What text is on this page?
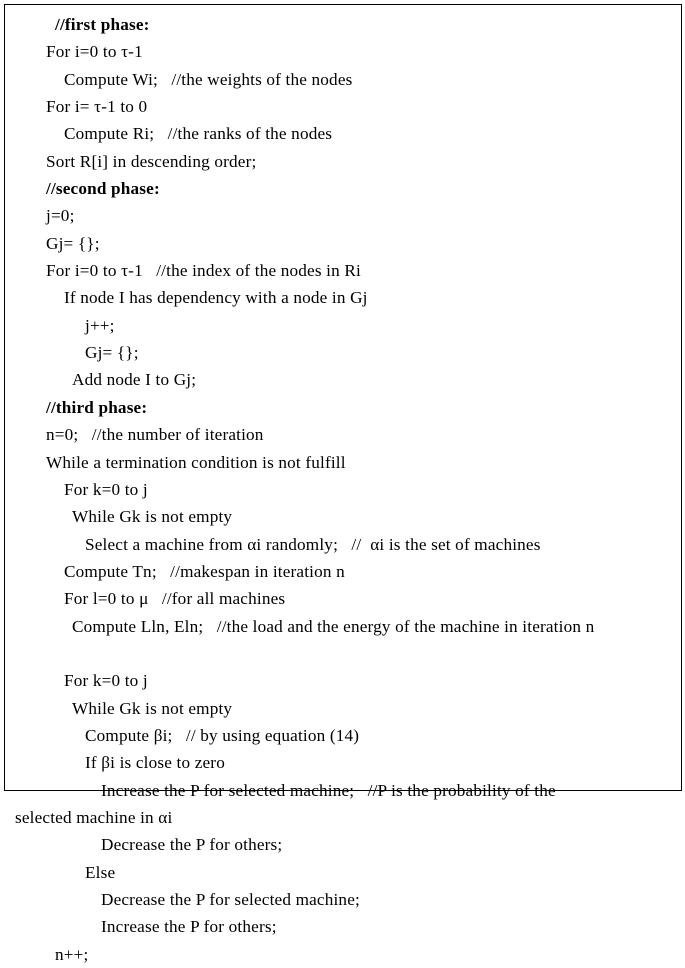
//first phase:
For i=0 to τ-1
Compute Wi;   //the weights of the nodes
For i= τ-1 to 0
Compute Ri;   //the ranks of the nodes
Sort R[i] in descending order;
//second phase:
j=0;
Gj= {};
For i=0 to τ-1   //the index of the nodes in Ri
If node I has dependency with a node in Gj
j++;
Gj= {};
Add node I to Gj;
//third phase:
n=0;   //the number of iteration
While a termination condition is not fulfill
For k=0 to j
While Gk is not empty
Select a machine from αi randomly;   //  αi is the set of machines
Compute Tn;   //makespan in iteration n
For l=0 to μ   //for all machines
Compute Lln, Eln;   //the load and the energy of the machine in iteration n
For k=0 to j
While Gk is not empty
Compute βi;   // by using equation (14)
If βi is close to zero
Increase the P for selected machine;   //P is the probability of the
selected machine in αi
Decrease the P for others;
Else
Decrease the P for selected machine;
Increase the P for others;
n++;
